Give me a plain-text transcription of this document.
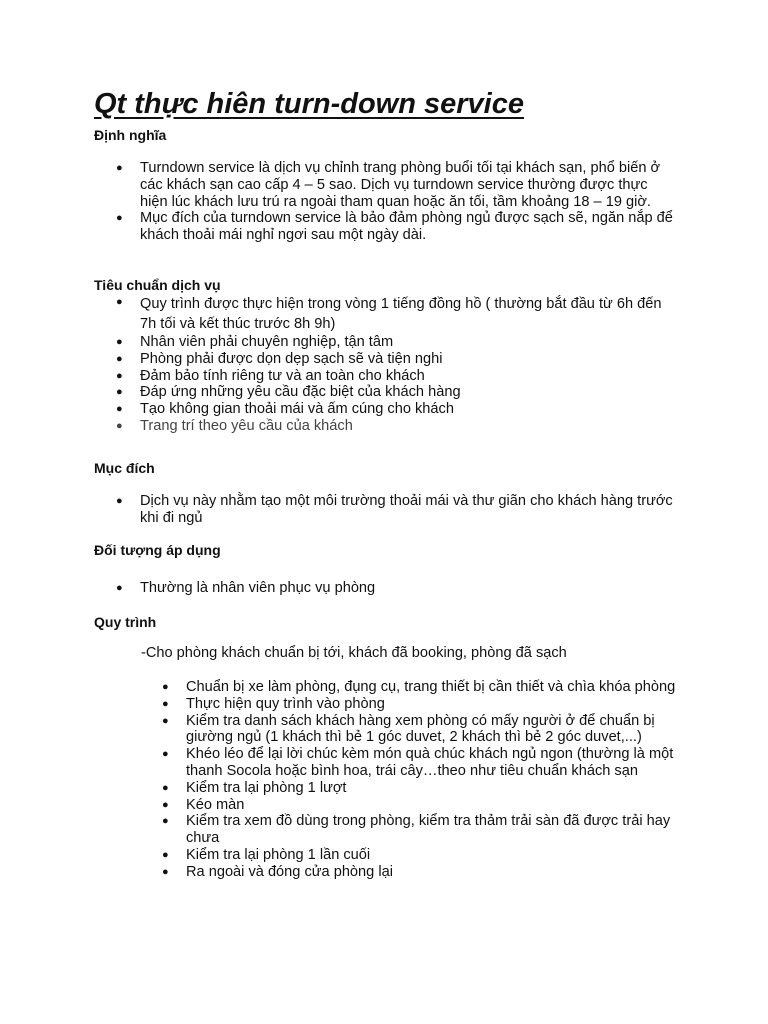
Qt thực hiên turn-down service
Định nghĩa
● Turndown service là dịch vụ chỉnh trang phòng buổi tối tại khách sạn, phổ biến ở các khách sạn cao cấp 4 – 5 sao. Dịch vụ turndown service thường được thực hiện lúc khách lưu trú ra ngoài tham quan hoặc ăn tối, tầm khoảng 18 – 19 giờ.
● Mục đích của turndown service là bảo đảm phòng ngủ được sạch sẽ, ngăn nắp để khách thoải mái nghỉ ngơi sau một ngày dài.
Tiêu chuẩn dịch vụ
● Quy trình được thực hiện trong vòng 1 tiếng đồng hồ ( thường bắt đầu từ 6h đến 7h tối và kết thúc trước 8h 9h)
● Nhân viên phải chuyên nghiệp, tận tâm
● Phòng phải được dọn dẹp sạch sẽ và tiện nghi
● Đảm bảo tính riêng tư và an toàn cho khách
● Đáp ứng những yêu cầu đặc biệt của khách hàng
● Tạo không gian thoải mái và ấm cúng cho khách
● Trang trí theo yêu cầu của khách
Mục đích
● Dịch vụ này nhằm tạo một môi trường thoải mái và thư giãn cho khách hàng trước khi đi ngủ
Đối tượng áp dụng
● Thường là nhân viên phục vụ phòng
Quy trình

-Cho phòng khách chuẩn bị tới, khách đã booking, phòng đã sạch

● Chuẩn bị xe làm phòng, đụng cụ, trang thiết bị cần thiết và chìa khóa phòng
● Thực hiện quy trình vào phòng
● Kiểm tra danh sách khách hàng xem phòng có mấy người ở để chuẩn bị giường ngủ (1 khách thì bẻ 1 góc duvet, 2 khách thì bẻ 2 góc duvet,...)
● Khéo léo để lại lời chúc kèm món quà chúc khách ngủ ngon (thường là một thanh Socola hoặc bình hoa, trái cây…theo như tiêu chuẩn khách sạn
● Kiểm tra lại phòng 1 lượt
● Kéo màn
● Kiểm tra xem đồ dùng trong phòng, kiểm tra thảm trải sàn đã được trải hay chưa
● Kiểm tra lại phòng 1 lần cuối
● Ra ngoài và đóng cửa phòng lại
